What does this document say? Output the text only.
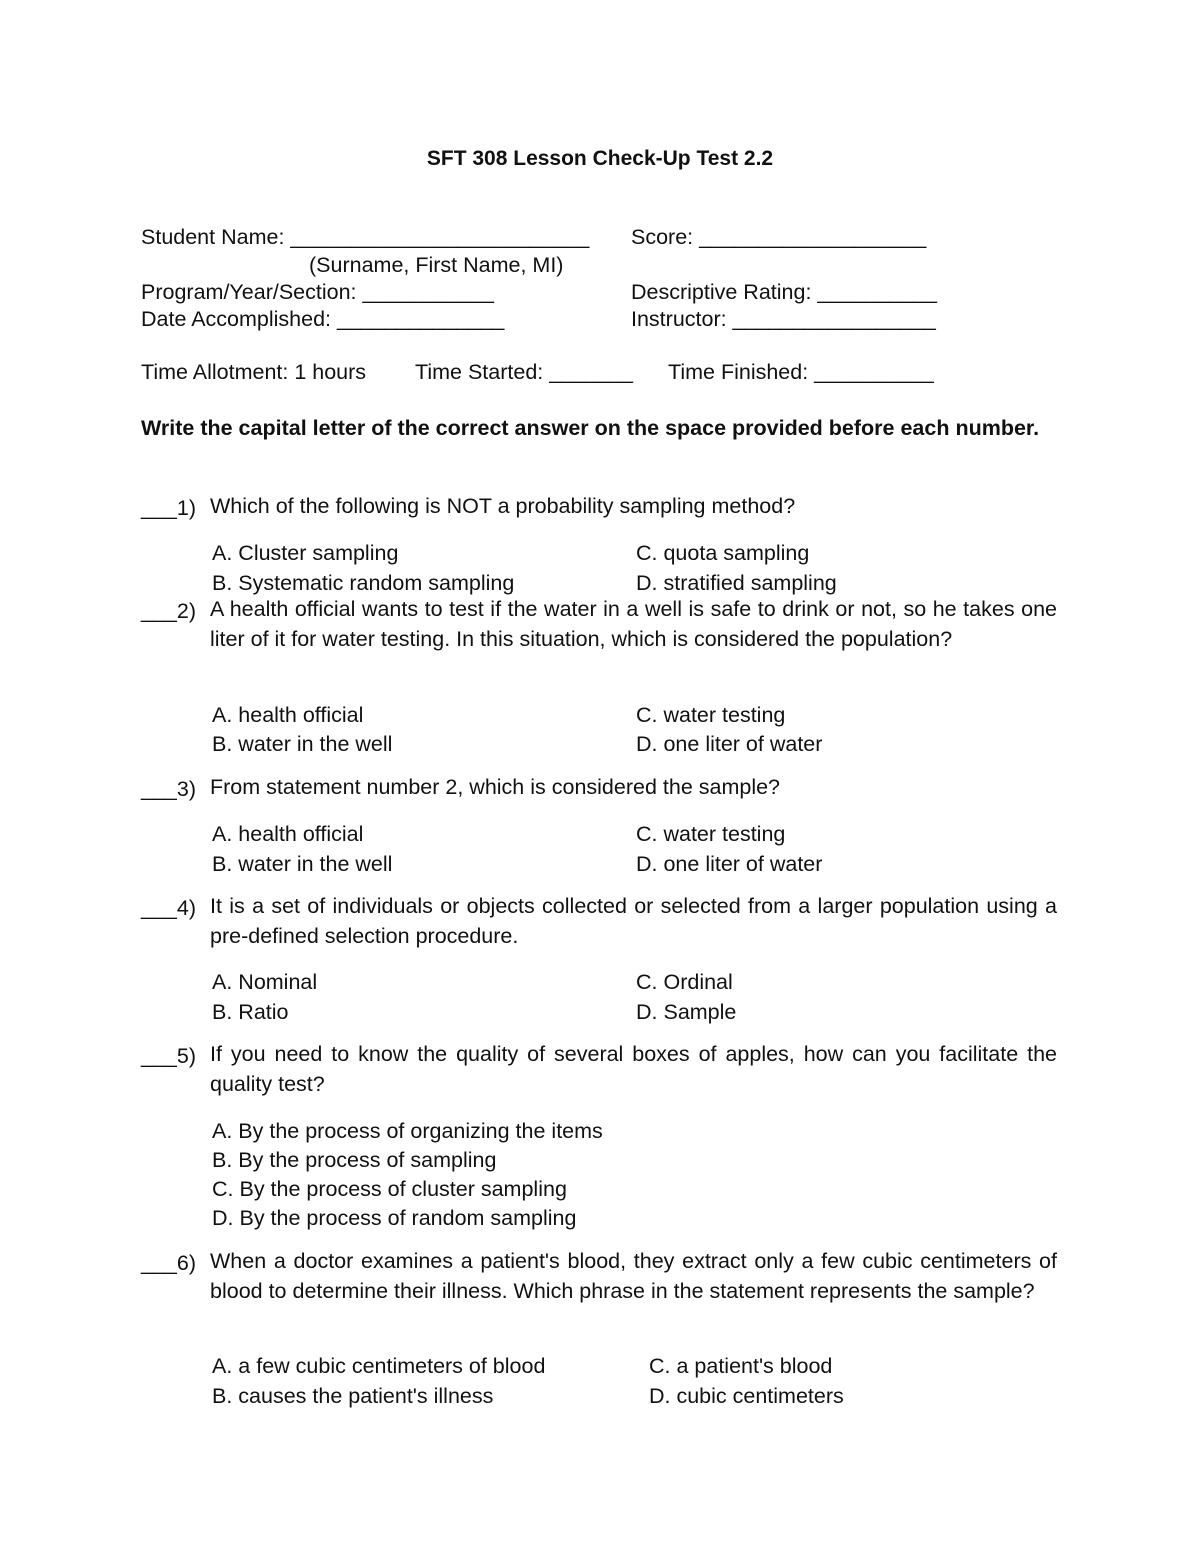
SFT 308 Lesson Check-Up Test 2.2
Student Name: _________________________ Score: ___________________
(Surname, First Name, MI)
Program/Year/Section: ___________	Descriptive Rating: __________
Date Accomplished: ______________	Instructor: _________________
Time Allotment: 1 hours Time Started: _______ Time Finished: __________
Write the capital letter of the correct answer on the space provided before each number.
___1) Which of the following is NOT a probability sampling method?
A. Cluster sampling
B. Systematic random sampling
C. quota sampling
D. stratified sampling
___2) A health official wants to test if the water in a well is safe to drink or not, so he takes one liter of it for water testing. In this situation, which is considered the population?
A. health official
B. water in the well
C. water testing
D. one liter of water
___3) From statement number 2, which is considered the sample?
A. health official
B. water in the well
C. water testing
D. one liter of water
___4) It is a set of individuals or objects collected or selected from a larger population using a pre-defined selection procedure.
A. Nominal
B. Ratio
C. Ordinal
D. Sample
___5) If you need to know the quality of several boxes of apples, how can you facilitate the quality test?
A. By the process of organizing the items
B. By the process of sampling
C. By the process of cluster sampling
D. By the process of random sampling
___6) When a doctor examines a patient's blood, they extract only a few cubic centimeters of blood to determine their illness. Which phrase in the statement represents the sample?
A. a few cubic centimeters of blood
B. causes the patient's illness
C. a patient's blood
D. cubic centimeters
